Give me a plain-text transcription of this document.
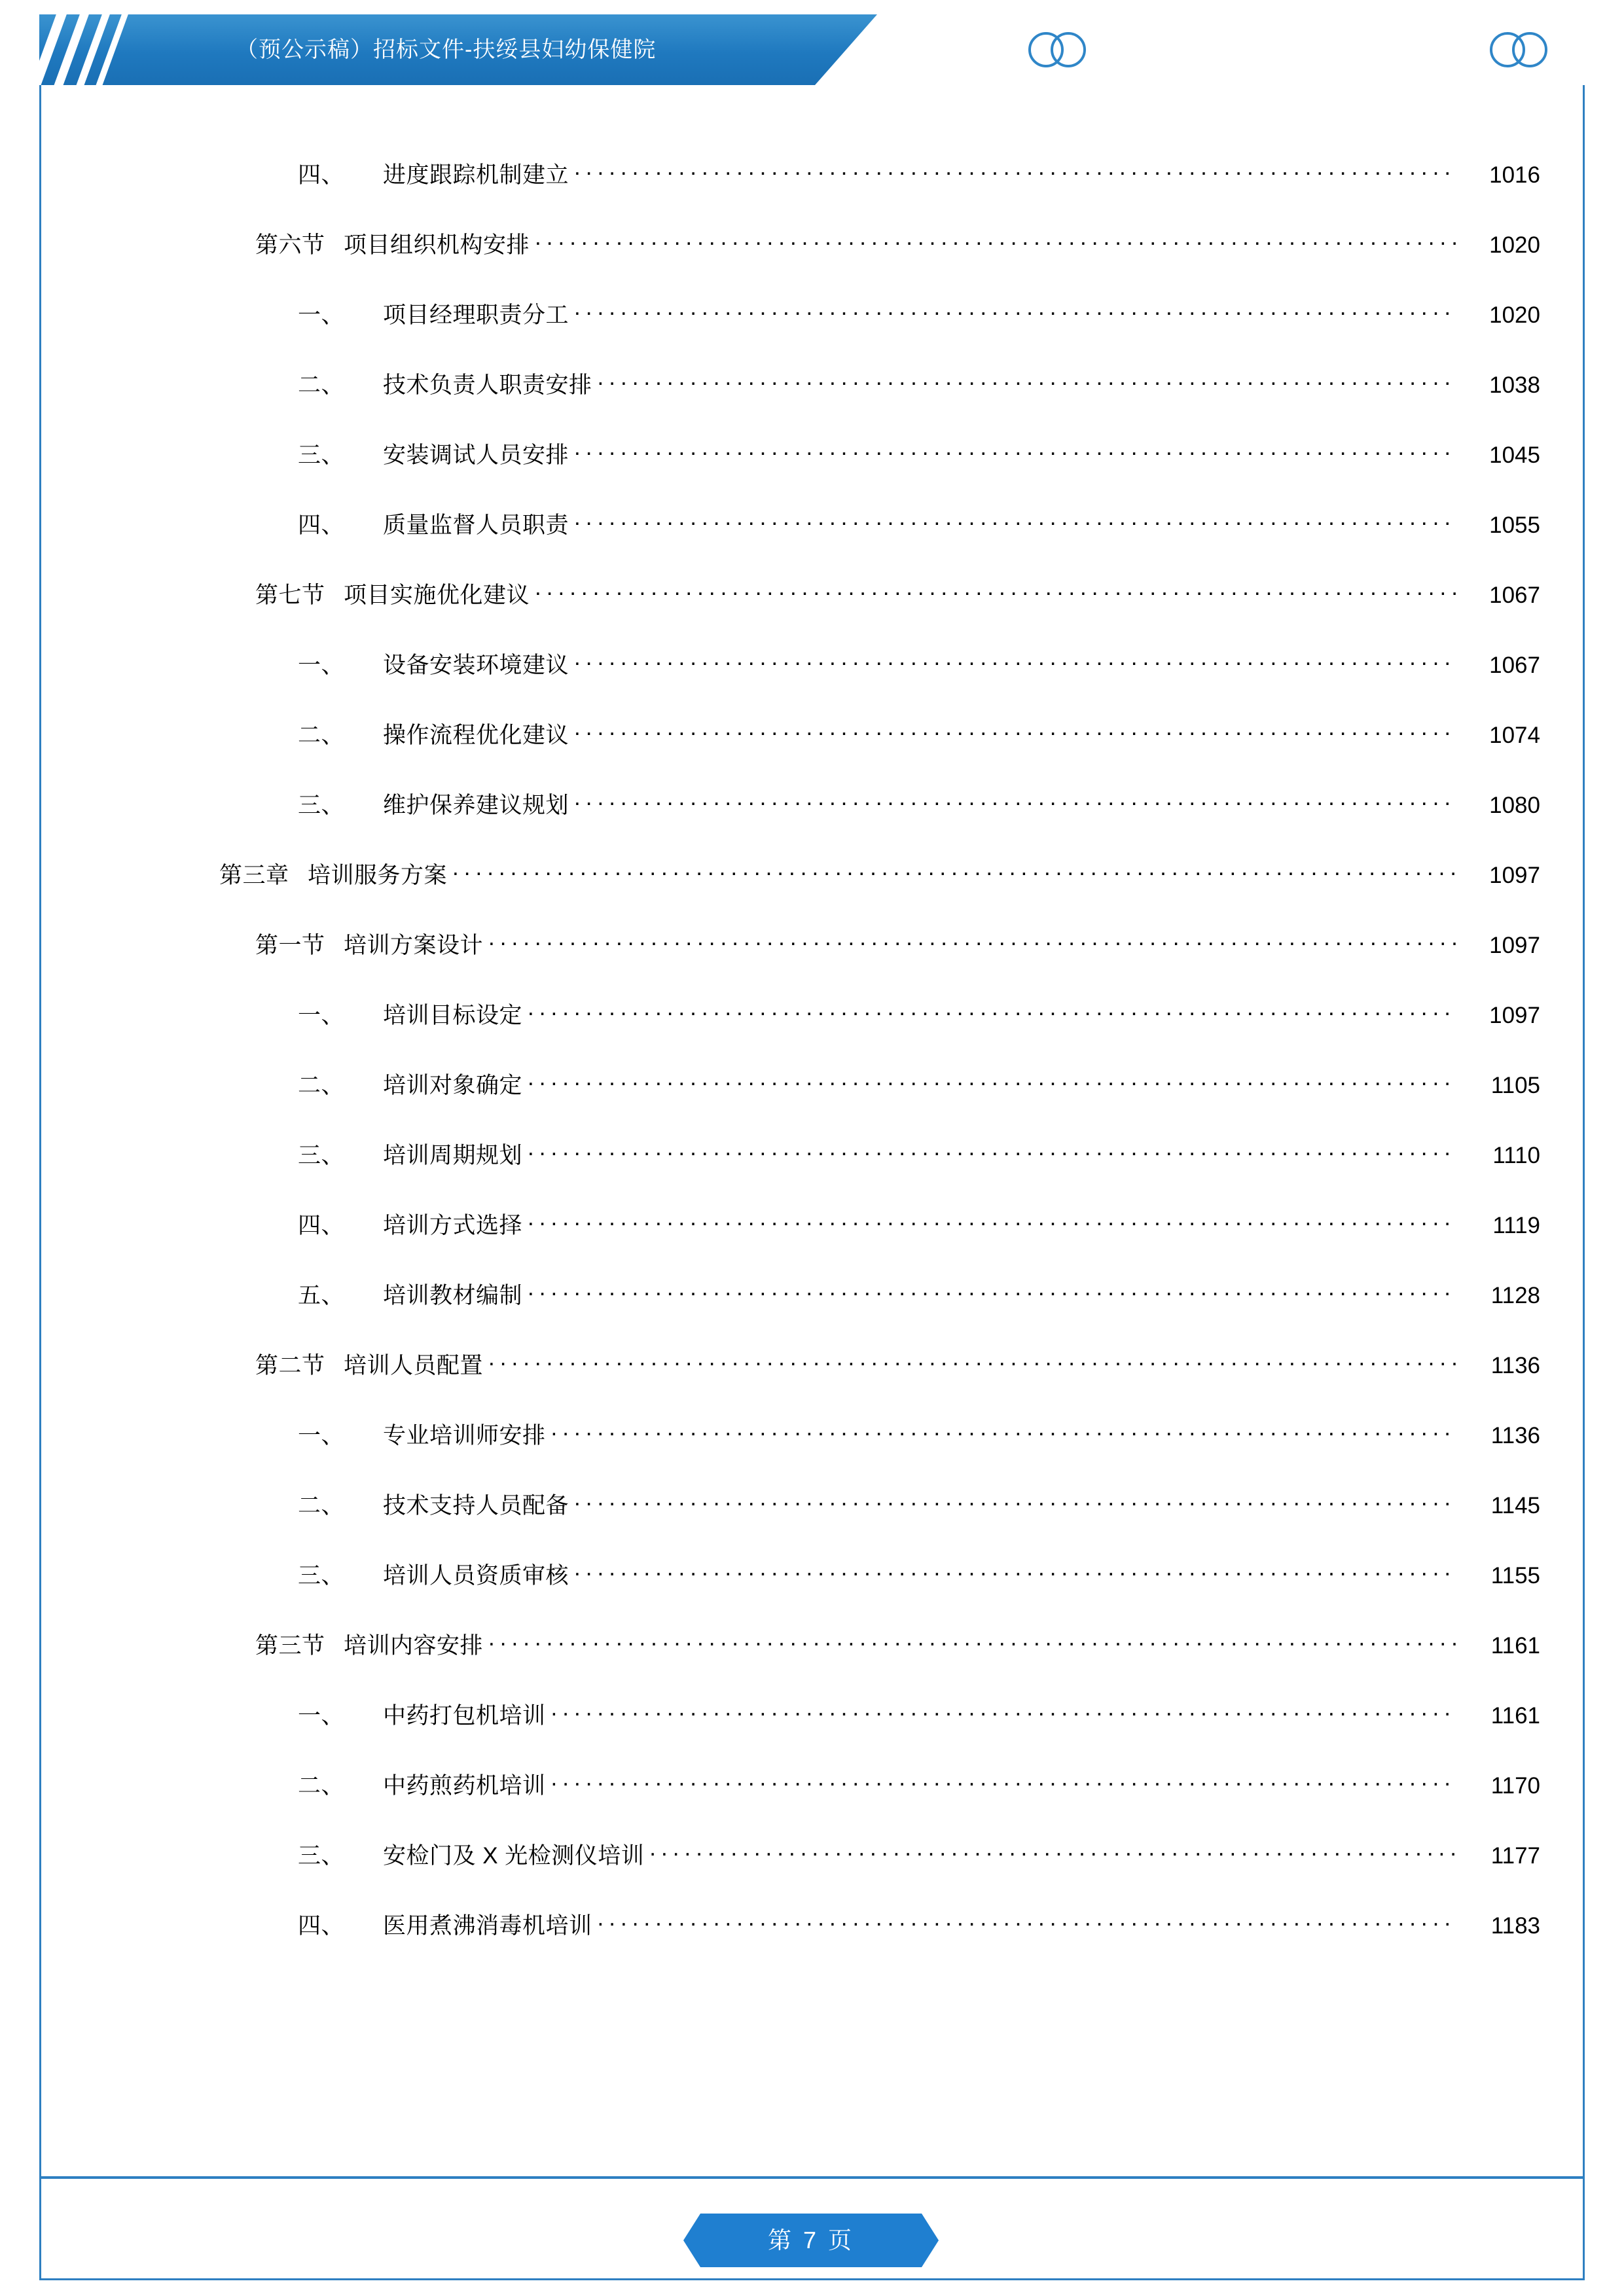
（预公示稿）招标文件-扶绥县妇幼保健院
四、	进度跟踪机制建立 .....	1016
第六节 项目组织机构安排 .....	1020
一、	项目经理职责分工 .....	1020
二、	技术负责人职责安排 .....	1038
三、	安装调试人员安排 .....	1045
四、	质量监督人员职责 .....	1055
第七节 项目实施优化建议 .....	1067
一、	设备安装环境建议 .....	1067
二、	操作流程优化建议 .....	1074
三、	维护保养建议规划 .....	1080
第三章 培训服务方案 .....	1097
第一节 培训方案设计 .....	1097
一、	培训目标设定 .....	1097
二、	培训对象确定 .....	1105
三、	培训周期规划 .....	1110
四、	培训方式选择 .....	1119
五、	培训教材编制 .....	1128
第二节 培训人员配置 .....	1136
一、	专业培训师安排 .....	1136
二、	技术支持人员配备 .....	1145
三、	培训人员资质审核 .....	1155
第三节 培训内容安排 .....	1161
一、	中药打包机培训 .....	1161
二、	中药煎药机培训 .....	1170
三、	安检门及 X 光检测仪培训 .....	1177
四、	医用煮沸消毒机培训 .....	1183
第 7 页
